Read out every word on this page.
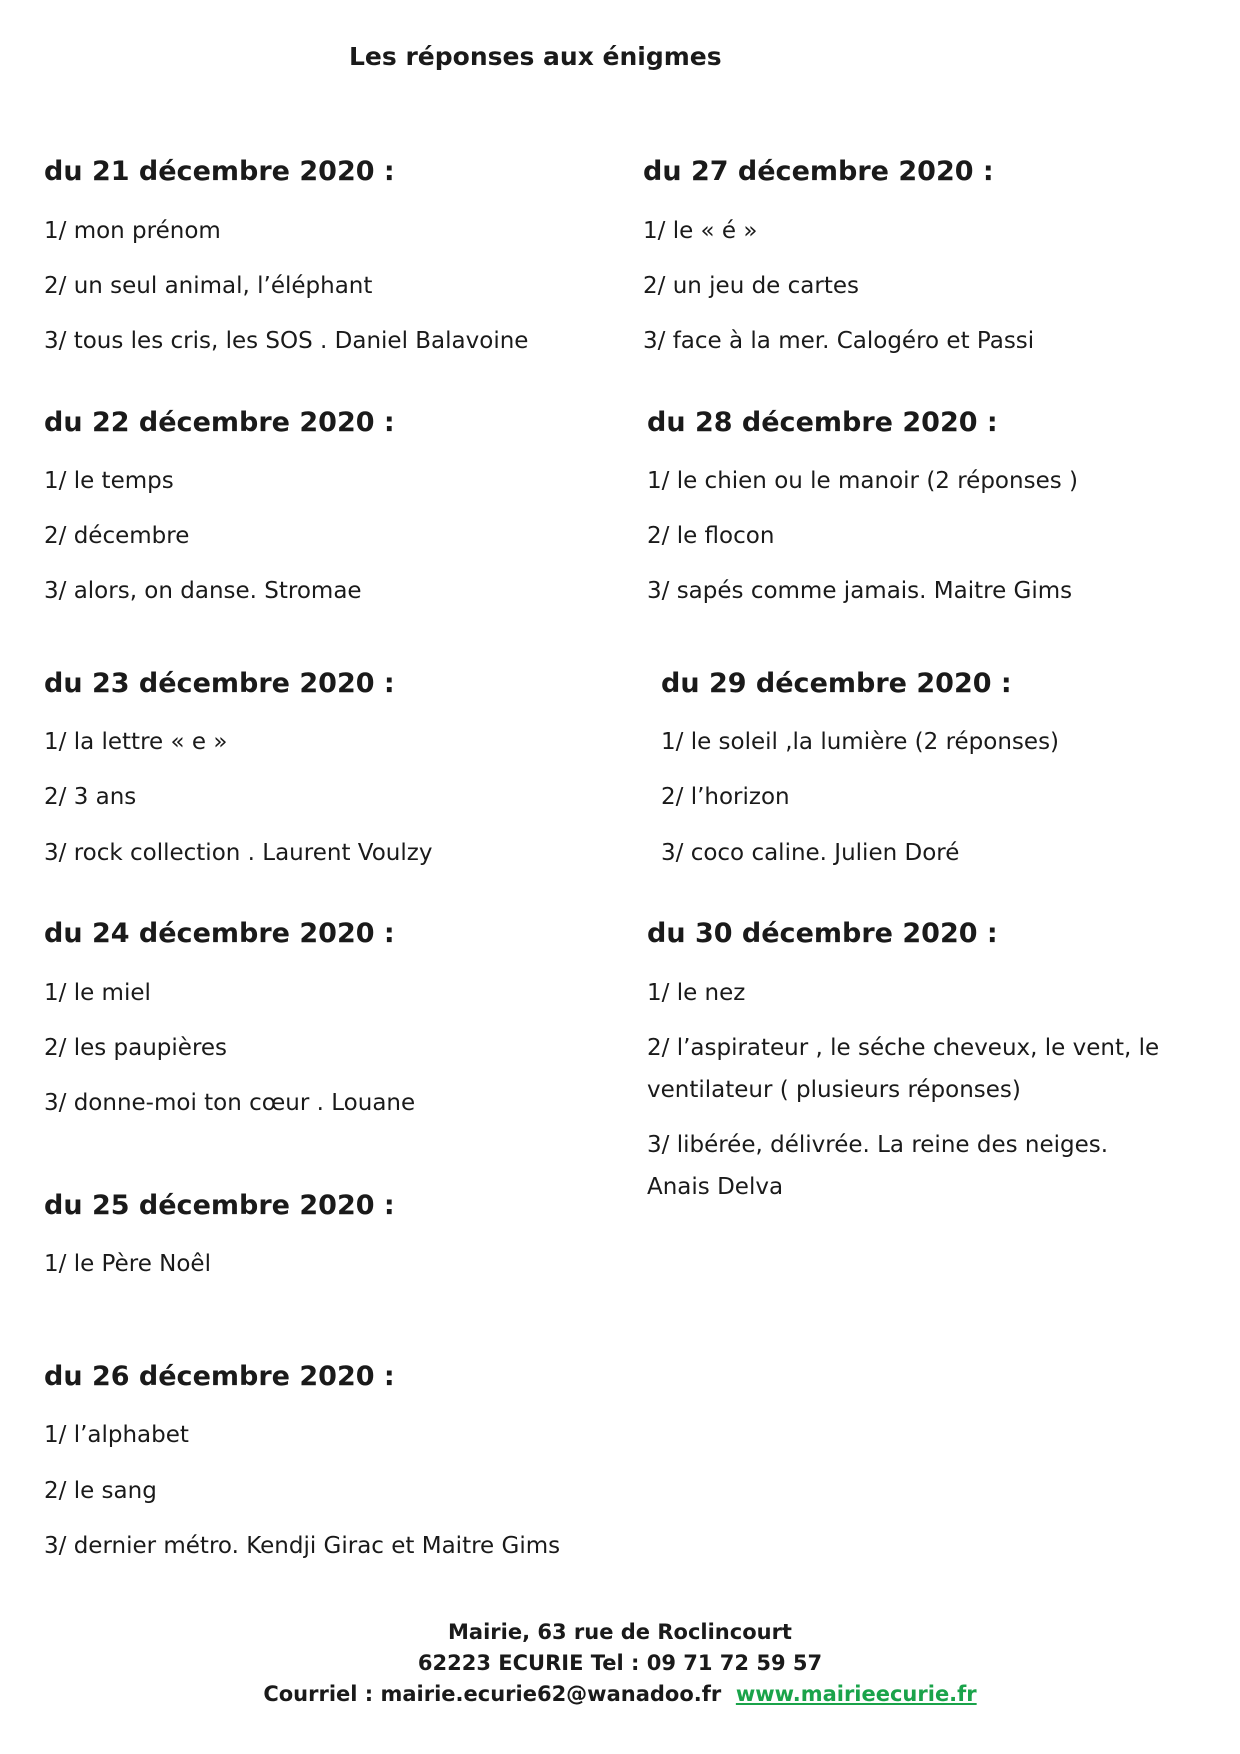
Les réponses aux énigmes
du 21 décembre 2020 :
1/ mon prénom
2/ un seul animal, l’éléphant
3/ tous les cris, les SOS . Daniel Balavoine
du 22 décembre 2020 :
1/ le temps
2/ décembre
3/ alors, on danse. Stromae
du 23 décembre 2020 :
1/ la lettre « e »
2/ 3 ans
3/ rock collection . Laurent Voulzy
du 24 décembre 2020 :
1/ le miel
2/ les paupières
3/ donne-moi ton cœur . Louane
du 25 décembre 2020 :
1/ le Père Noêl
du 26 décembre 2020 :
1/ l’alphabet
2/ le sang
3/ dernier métro. Kendji Girac et Maitre Gims
du 27 décembre 2020 :
1/ le « é »
2/ un jeu de cartes
3/ face à la mer. Calogéro et Passi
du 28 décembre 2020 :
1/ le chien ou le manoir (2 réponses )
2/ le flocon
3/ sapés comme jamais. Maitre Gims
du 29 décembre 2020 :
1/ le soleil ,la lumière (2 réponses)
2/ l’horizon
3/ coco caline. Julien Doré
du 30 décembre 2020 :
1/ le nez
2/ l’aspirateur , le séche cheveux, le vent, le
ventilateur ( plusieurs réponses)
3/ libérée, délivrée. La reine des neiges.
Anais Delva
Mairie, 63 rue de Roclincourt
62223 ECURIE Tel : 09 71 72 59 57
Courriel : mairie.ecurie62@wanadoo.fr www.mairieecurie.fr
